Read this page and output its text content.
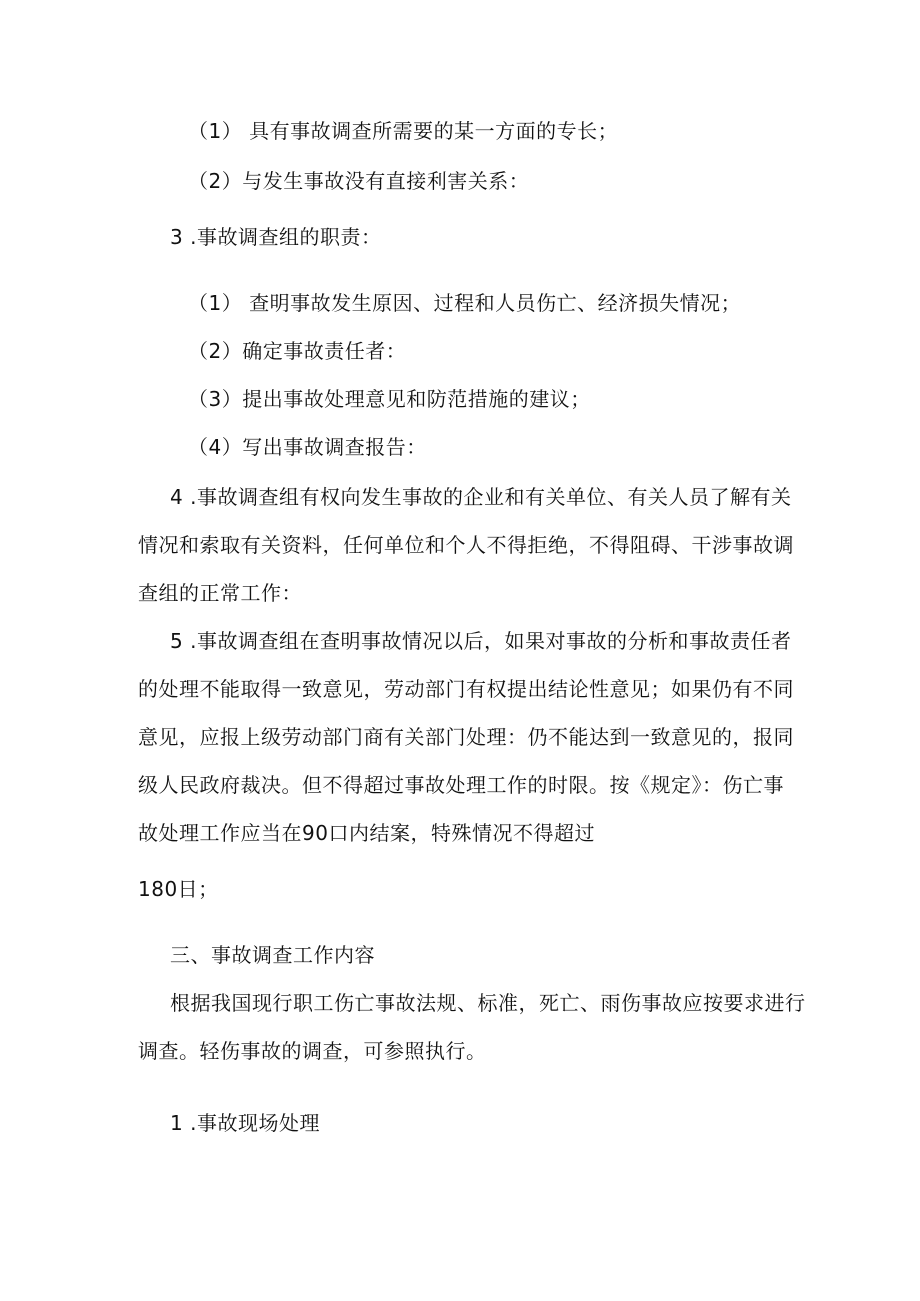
（1） 具有事故调查所需要的某一方面的专长；

（2）与发生事故没有直接利害关系：

3 .事故调查组的职责：

（1） 查明事故发生原因、过程和人员伤亡、经济损失情况；

（2）确定事故责任者：

（3）提出事故处理意见和防范措施的建议；

（4）写出事故调查报告：

4 .事故调查组有权向发生事故的企业和有关单位、有关人员了解有关

情况和索取有关资料，任何单位和个人不得拒绝，不得阻碍、干涉事故调

查组的正常工作：

5 .事故调查组在查明事故情况以后，如果对事故的分析和事故责任者

的处理不能取得一致意见，劳动部门有权提出结论性意见；如果仍有不同

意见，应报上级劳动部门商有关部门处理：仍不能达到一致意见的，报同

级人民政府裁决。但不得超过事故处理工作的时限。按《规定》：伤亡事

故处理工作应当在90口内结案，特殊情况不得超过

180日；

三、事故调查工作内容

根据我国现行职工伤亡事故法规、标准，死亡、雨伤事故应按要求进行

调查。轻伤事故的调查，可参照执行。

1 .事故现场处理
